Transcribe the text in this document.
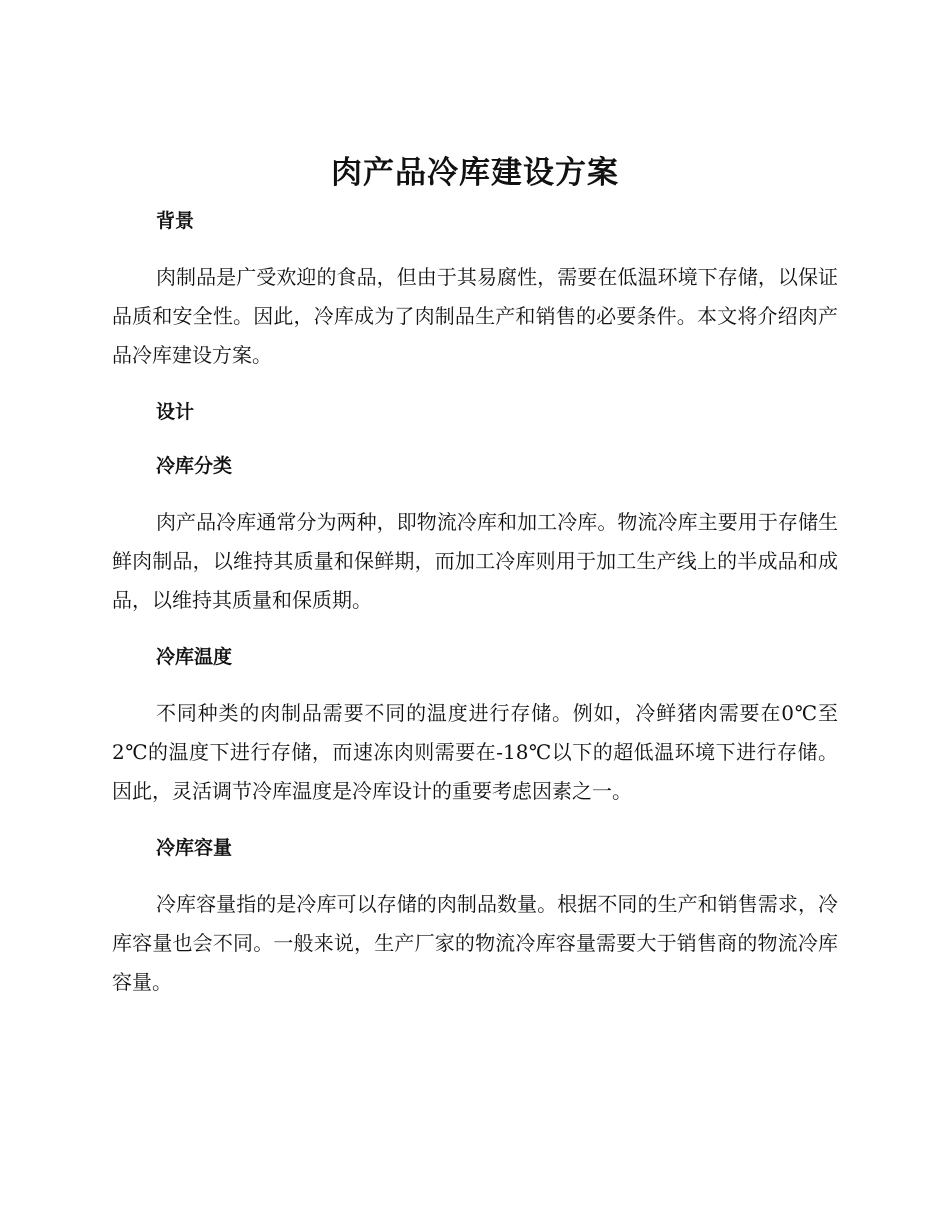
肉产品冷库建设方案
背景

肉制品是广受欢迎的食品，但由于其易腐性，需要在低温环境下存储，以保证品质和安全性。因此，冷库成为了肉制品生产和销售的必要条件。本文将介绍肉产品冷库建设方案。

设计
冷库分类

肉产品冷库通常分为两种，即物流冷库和加工冷库。物流冷库主要用于存储生鲜肉制品，以维持其质量和保鲜期，而加工冷库则用于加工生产线上的半成品和成品，以维持其质量和保质期。

冷库温度

不同种类的肉制品需要不同的温度进行存储。例如，冷鲜猪肉需要在0℃至2℃的温度下进行存储，而速冻肉则需要在-18℃以下的超低温环境下进行存储。因此，灵活调节冷库温度是冷库设计的重要考虑因素之一。

冷库容量

冷库容量指的是冷库可以存储的肉制品数量。根据不同的生产和销售需求，冷库容量也会不同。一般来说，生产厂家的物流冷库容量需要大于销售商的物流冷库容量。
